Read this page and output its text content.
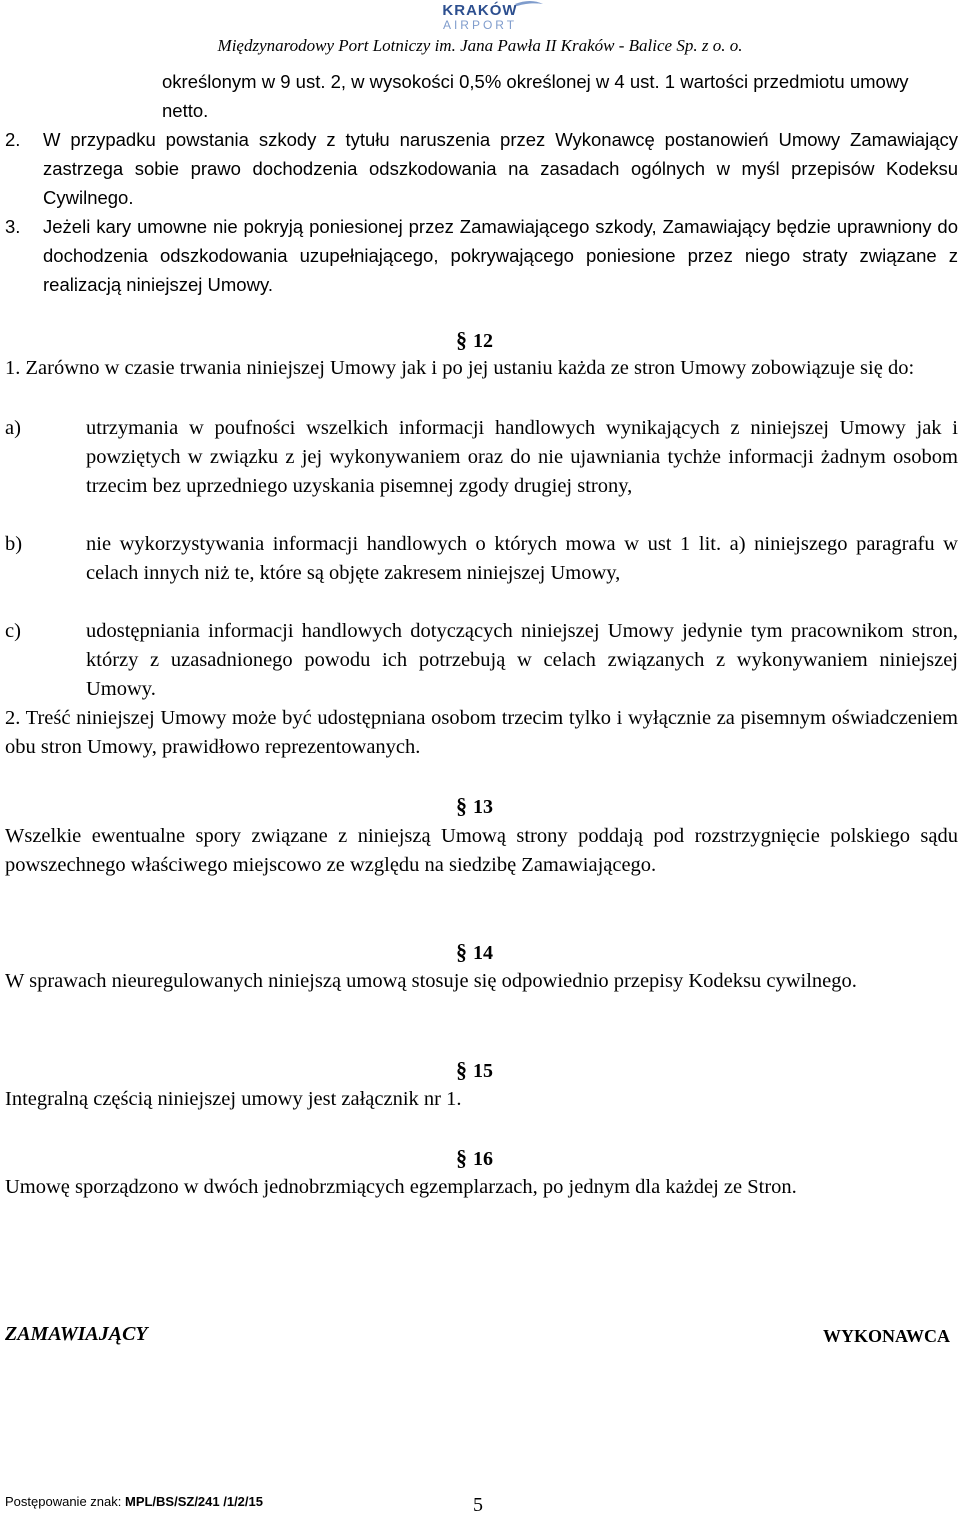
KRAKÓW
AIRPORT
Międzynarodowy Port Lotniczy im. Jana Pawła II Kraków - Balice Sp. z o. o.
określonym w 9 ust. 2, w wysokości 0,5% określonej w 4 ust. 1 wartości przedmiotu umowy netto.
2. W przypadku powstania szkody z tytułu naruszenia przez Wykonawcę postanowień Umowy Zamawiający zastrzega sobie prawo dochodzenia odszkodowania na zasadach ogólnych w myśl przepisów Kodeksu Cywilnego.
3. Jeżeli kary umowne nie pokryją poniesionej przez Zamawiającego szkody, Zamawiający będzie uprawniony do dochodzenia odszkodowania uzupełniającego, pokrywającego poniesione przez niego straty związane z realizacją niniejszej Umowy.
§ 12

1. Zarówno w czasie trwania niniejszej Umowy jak i po jej ustaniu każda ze stron Umowy zobowiązuje się do:

a)	utrzymania w poufności wszelkich informacji handlowych wynikających z niniejszej Umowy jak i powziętych w związku z jej wykonywaniem oraz do nie ujawniania tychże informacji żadnym osobom trzecim bez uprzedniego uzyskania pisemnej zgody drugiej strony,
b)	nie wykorzystywania informacji handlowych o których mowa w ust 1 lit. a) niniejszego paragrafu w celach innych niż te, które są objęte zakresem niniejszej Umowy,
c)	udostępniania informacji handlowych dotyczących niniejszej Umowy jedynie tym pracownikom stron, którzy z uzasadnionego powodu ich potrzebują w celach związanych z wykonywaniem niniejszej Umowy.

2. Treść niniejszej Umowy może być udostępniana osobom trzecim tylko i wyłącznie za pisemnym oświadczeniem obu stron Umowy, prawidłowo reprezentowanych.

§ 13

Wszelkie ewentualne spory związane z niniejszą Umową strony poddają pod rozstrzygnięcie polskiego sądu powszechnego właściwego miejscowo ze względu na siedzibę Zamawiającego.

§ 14

W sprawach nieuregulowanych niniejszą umową stosuje się odpowiednio przepisy Kodeksu cywilnego.

§ 15

Integralną częścią niniejszej umowy jest załącznik nr 1.

§ 16

Umowę sporządzono w dwóch jednobrzmiących egzemplarzach, po jednym dla każdej ze Stron.

ZAMAWIAJĄCY	WYKONAWCA
Postępowanie znak: MPL/BS/SZ/241 /1/2/15	5
